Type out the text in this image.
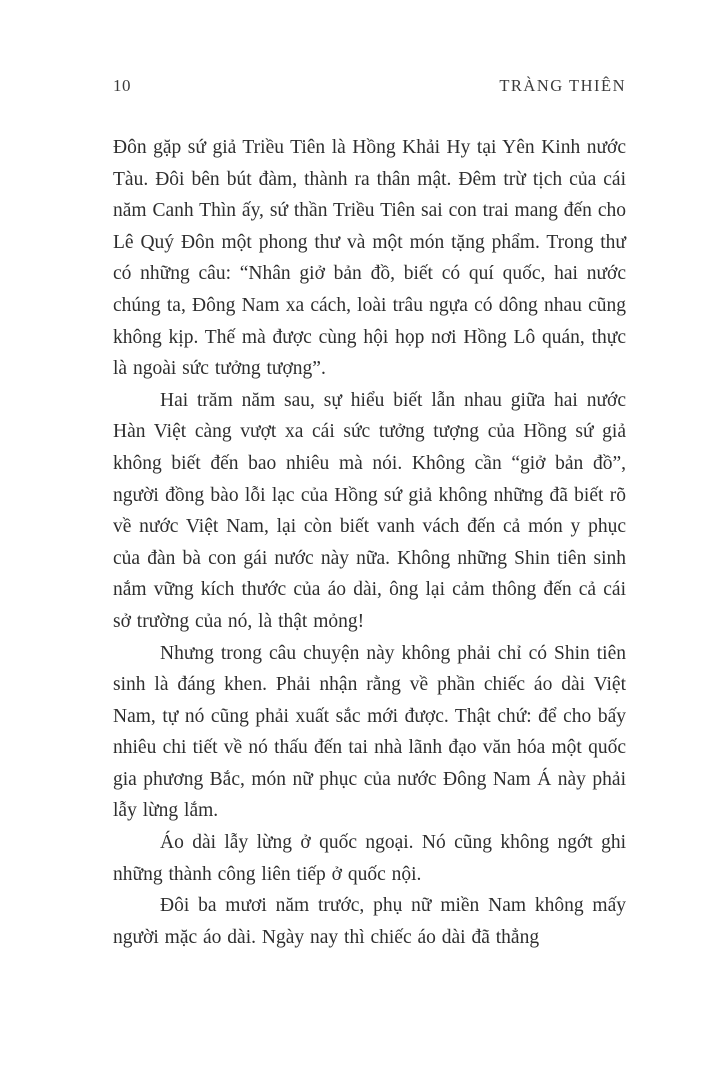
10	TRÀNG THIÊN

Đôn gặp sứ giả Triều Tiên là Hồng Khải Hy tại Yên Kinh nước Tàu. Đôi bên bút đàm, thành ra thân mật. Đêm trừ tịch của cái năm Canh Thìn ấy, sứ thần Triều Tiên sai con trai mang đến cho Lê Quý Đôn một phong thư và một món tặng phẩm. Trong thư có những câu: “Nhân giở bản đồ, biết có quí quốc, hai nước chúng ta, Đông Nam xa cách, loài trâu ngựa có dông nhau cũng không kịp. Thế mà được cùng hội họp nơi Hồng Lô quán, thực là ngoài sức tưởng tượng”.

Hai trăm năm sau, sự hiểu biết lẫn nhau giữa hai nước Hàn Việt càng vượt xa cái sức tưởng tượng của Hồng sứ giả không biết đến bao nhiêu mà nói. Không cần “giở bản đồ”, người đồng bào lỗi lạc của Hồng sứ giả không những đã biết rõ về nước Việt Nam, lại còn biết vanh vách đến cả món y phục của đàn bà con gái nước này nữa. Không những Shin tiên sinh nắm vững kích thước của áo dài, ông lại cảm thông đến cả cái sở trường của nó, là thật mỏng!

Nhưng trong câu chuyện này không phải chỉ có Shin tiên sinh là đáng khen. Phải nhận rằng về phần chiếc áo dài Việt Nam, tự nó cũng phải xuất sắc mới được. Thật chứ: để cho bấy nhiêu chi tiết về nó thấu đến tai nhà lãnh đạo văn hóa một quốc gia phương Bắc, món nữ phục của nước Đông Nam Á này phải lẫy lừng lắm.

Áo dài lẫy lừng ở quốc ngoại. Nó cũng không ngớt ghi những thành công liên tiếp ở quốc nội.

Đôi ba mươi năm trước, phụ nữ miền Nam không mấy người mặc áo dài. Ngày nay thì chiếc áo dài đã thẳng
